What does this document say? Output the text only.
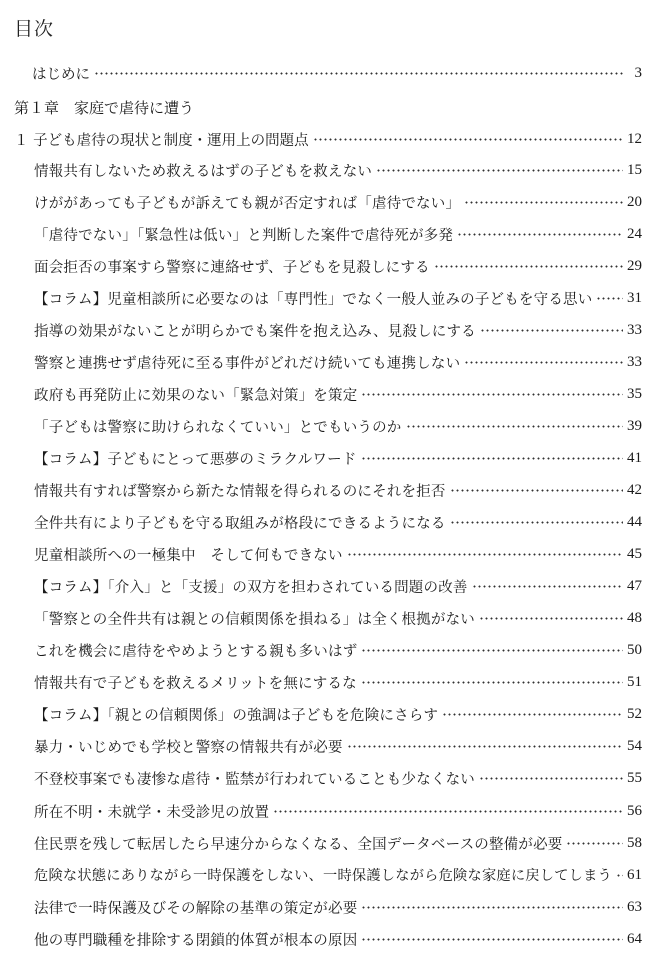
目次
はじめに	3
第１章　家庭で虐待に遭う
１ 子ども虐待の現状と制度・運用上の問題点	12
情報共有しないため救えるはずの子どもを救えない	15
けががあっても子どもが訴えても親が否定すれば「虐待でない」	20
「虐待でない」「緊急性は低い」と判断した案件で虐待死が多発	24
面会拒否の事案すら警察に連絡せず、子どもを見殺しにする	29
【コラム】児童相談所に必要なのは「専門性」でなく一般人並みの子どもを守る思い 31
指導の効果がないことが明らかでも案件を抱え込み、見殺しにする	33
警察と連携せず虐待死に至る事件がどれだけ続いても連携しない	33
政府も再発防止に効果のない「緊急対策」を策定	35
「子どもは警察に助けられなくていい」とでもいうのか	39
【コラム】子どもにとって悪夢のミラクルワード	41
情報共有すれば警察から新たな情報を得られるのにそれを拒否	42
全件共有により子どもを守る取組みが格段にできるようになる	44
児童相談所への一極集中　そして何もできない	45
【コラム】「介入」と「支援」の双方を担わされている問題の改善	47
「警察との全件共有は親との信頼関係を損ねる」は全く根拠がない	48
これを機会に虐待をやめようとする親も多いはず	50
情報共有で子どもを救えるメリットを無にするな	51
【コラム】「親との信頼関係」の強調は子どもを危険にさらす	52
暴力・いじめでも学校と警察の情報共有が必要	54
不登校事案でも凄惨な虐待・監禁が行われていることも少なくない	55
所在不明・未就学・未受診児の放置	56
住民票を残して転居したら早速分からなくなる、全国データベースの整備が必要	58
危険な状態にありながら一時保護をしない、一時保護しながら危険な家庭に戻してしまう 61
法律で一時保護及びその解除の基準の策定が必要	63
他の専門職種を排除する閉鎖的体質が根本の原因	64
